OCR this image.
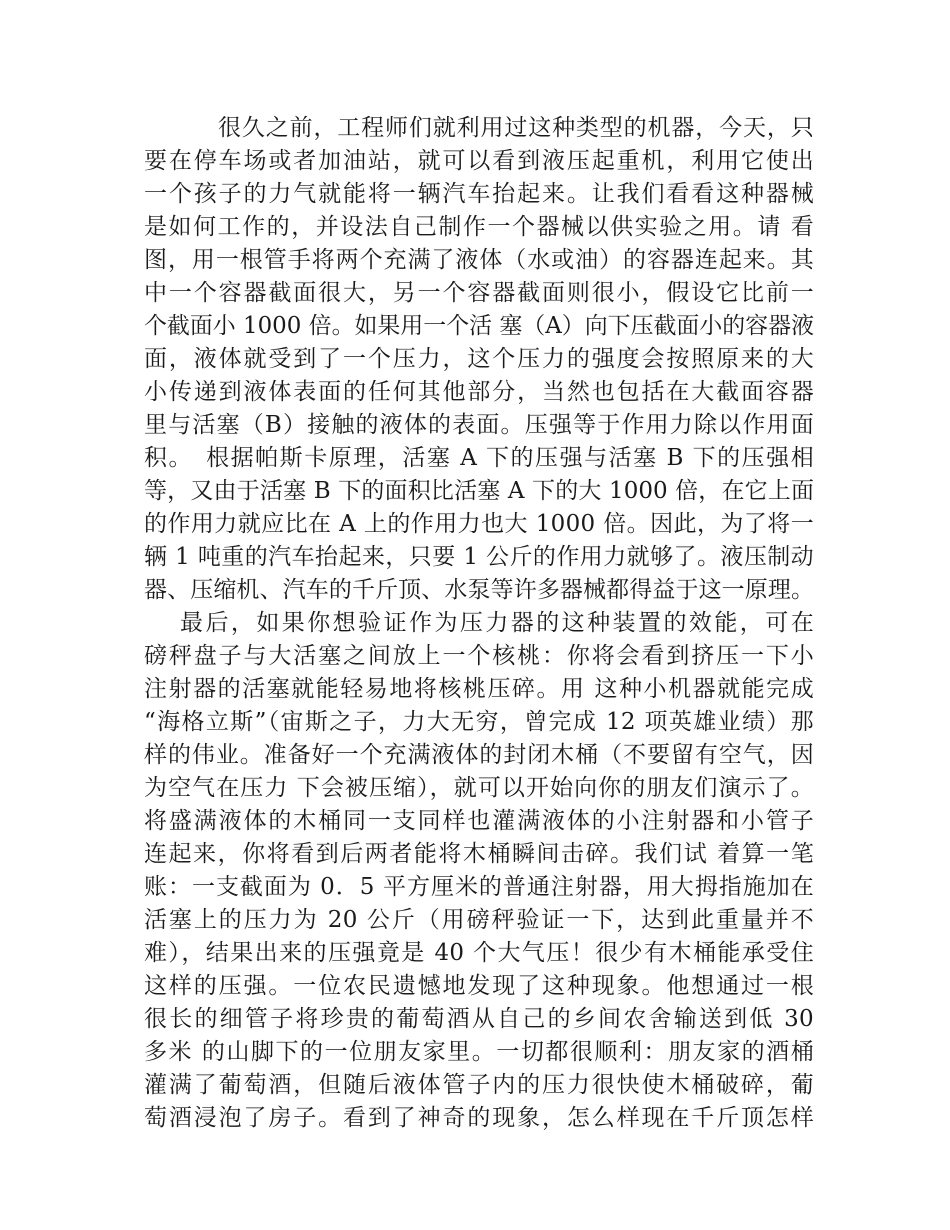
很久之前，工程师们就利用过这种类型的机器，今天，只
要在停车场或者加油站，就可以看到液压起重机，利用它使出
一个孩子的力气就能将一辆汽车抬起来。让我们看看这种器械
是如何工作的，并设法自己制作一个器械以供实验之用。请 看
图，用一根管手将两个充满了液体（水或油）的容器连起来。其
中一个容器截面很大，另一个容器截面则很小，假设它比前一
个截面小 1000 倍。如果用一个活 塞（A）向下压截面小的容器液
面，液体就受到了一个压力，这个压力的强度会按照原来的大
小传递到液体表面的任何其他部分，当然也包括在大截面容器
里与活塞（B）接触的液体的表面。压强等于作用力除以作用面
积。　根据帕斯卡原理，活塞 A 下的压强与活塞 B 下的压强相
等，又由于活塞 B 下的面积比活塞 A 下的大 1000 倍，在它上面
的作用力就应比在 A 上的作用力也大 1000 倍。因此，为了将一
辆 1 吨重的汽车抬起来，只要 1 公斤的作用力就够了。液压制动
器、压缩机、汽车的千斤顶、水泵等许多器械都得益于这一原理。
最后，如果你想验证作为压力器的这种装置的效能，可在
磅秤盘子与大活塞之间放上一个核桃：你将会看到挤压一下小
注射器的活塞就能轻易地将核桃压碎。用 这种小机器就能完成
“海格立斯”（宙斯之子，力大无穷，曾完成 12 项英雄业绩）那
样的伟业。准备好一个充满液体的封闭木桶（不要留有空气，因
为空气在压力 下会被压缩），就可以开始向你的朋友们演示了。
将盛满液体的木桶同一支同样也灌满液体的小注射器和小管子
连起来，你将看到后两者能将木桶瞬间击碎。我们试 着算一笔
账：一支截面为 0．5 平方厘米的普通注射器，用大拇指施加在
活塞上的压力为 20 公斤（用磅秤验证一下，达到此重量并不
难），结果出来的压强竟是 40 个大气压！很少有木桶能承受住
这样的压强。一位农民遗憾地发现了这种现象。他想通过一根
很长的细管子将珍贵的葡萄酒从自己的乡间农舍输送到低 30
多米 的山脚下的一位朋友家里。一切都很顺利：朋友家的酒桶
灌满了葡萄酒，但随后液体管子内的压力很快使木桶破碎，葡
萄酒浸泡了房子。看到了神奇的现象，怎么样现在千斤顶怎样
